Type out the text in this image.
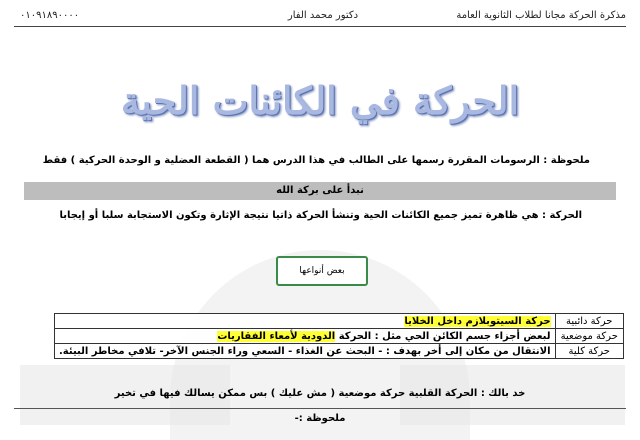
مذكرة الحركة مجانا لطلاب الثانوية العامة
دكتور محمد الفار
٠١٠٩١٨٩٠٠٠٠
الحركة في الكائنات الحية
ملحوظة : الرسومات المقررة رسمها على الطالب في هذا الدرس هما ( القطعة العضلية و الوحدة الحركية ) فقط
نبدأ على بركة الله
الحركة : هي ظاهرة تميز جميع الكائنات الحية وتنشأ الحركة ذاتيا نتيجة الإثارة وتكون الاستجابة سلبا أو إيجابا
بعض أنواعها
حركة دائبية	حركة السيتوبلازم داخل الخلايا
حركة موضعية	لبعض أجزاء جسم الكائن الحي مثل : الحركة الدودية لأمعاء الفقاريات
حركة كلية	الانتقال من مكان إلى أخر بهدف : - البحث عن الغذاء - السعي وراء الجنس الآخر- تلافي مخاطر البيئة.
خد بالك : الحركة القلبية حركة موضعية ( مش عليك ) بس ممكن يسالك فيها في تخير
ملحوظة :-
